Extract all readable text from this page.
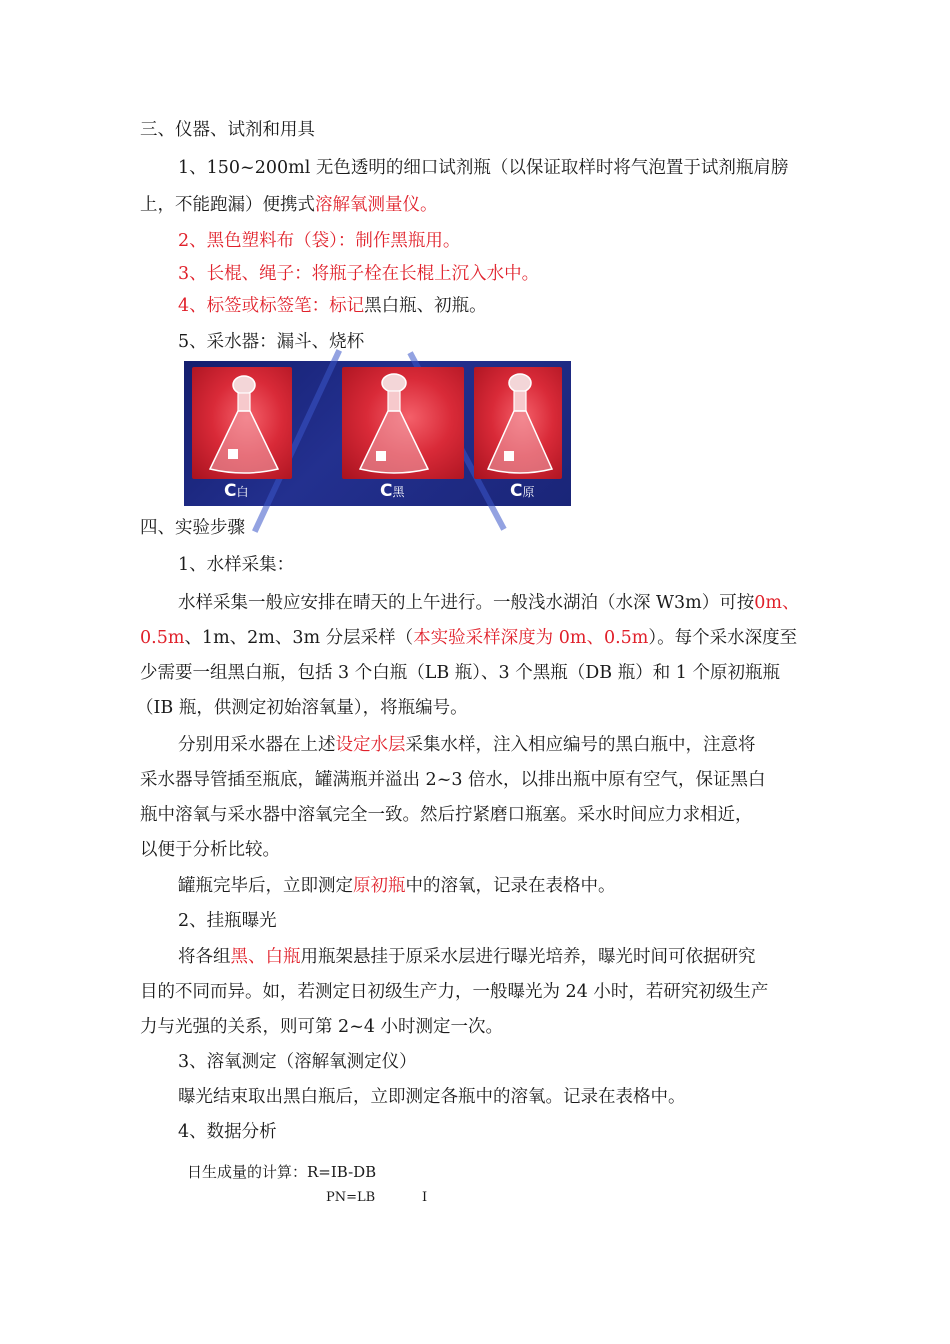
三、仪器、试剂和用具
1、150~200ml 无色透明的细口试剂瓶（以保证取样时将气泡置于试剂瓶肩膀
上，不能跑漏）便携式溶解氧测量仪。
2、黑色塑料布（袋）：制作黑瓶用。
3、长棍、绳子：将瓶子栓在长棍上沉入水中。
4、标签或标签笔：标记黑白瓶、初瓶。
5、采水器：漏斗、烧杯
C白	C黑	C原
四、实验步骤
1、水样采集：
水样采集一般应安排在晴天的上午进行。一般浅水湖泊（水深 W3m）可按0m、
0.5m、1m、2m、3m 分层采样（本实验采样深度为 0m、0.5m）。每个采水深度至
少需要一组黑白瓶，包括 3 个白瓶（LB 瓶）、3 个黑瓶（DB 瓶）和 1 个原初瓶瓶
（IB 瓶，供测定初始溶氧量），将瓶编号。
分别用采水器在上述设定水层采集水样，注入相应编号的黑白瓶中，注意将
采水器导管插至瓶底，罐满瓶并溢出 2~3 倍水，以排出瓶中原有空气，保证黑白
瓶中溶氧与采水器中溶氧完全一致。然后拧紧磨口瓶塞。采水时间应力求相近，
以便于分析比较。
罐瓶完毕后，立即测定原初瓶中的溶氧，记录在表格中。
2、挂瓶曝光
将各组黑、白瓶用瓶架悬挂于原采水层进行曝光培养，曝光时间可依据研究
目的不同而异。如，若测定日初级生产力，一般曝光为 24 小时，若研究初级生产
力与光强的关系，则可第 2~4 小时测定一次。
3、溶氧测定（溶解氧测定仪）
曝光结束取出黑白瓶后，立即测定各瓶中的溶氧。记录在表格中。
4、数据分析
日生成量的计算：R=IB-DB
PN=LB	I
